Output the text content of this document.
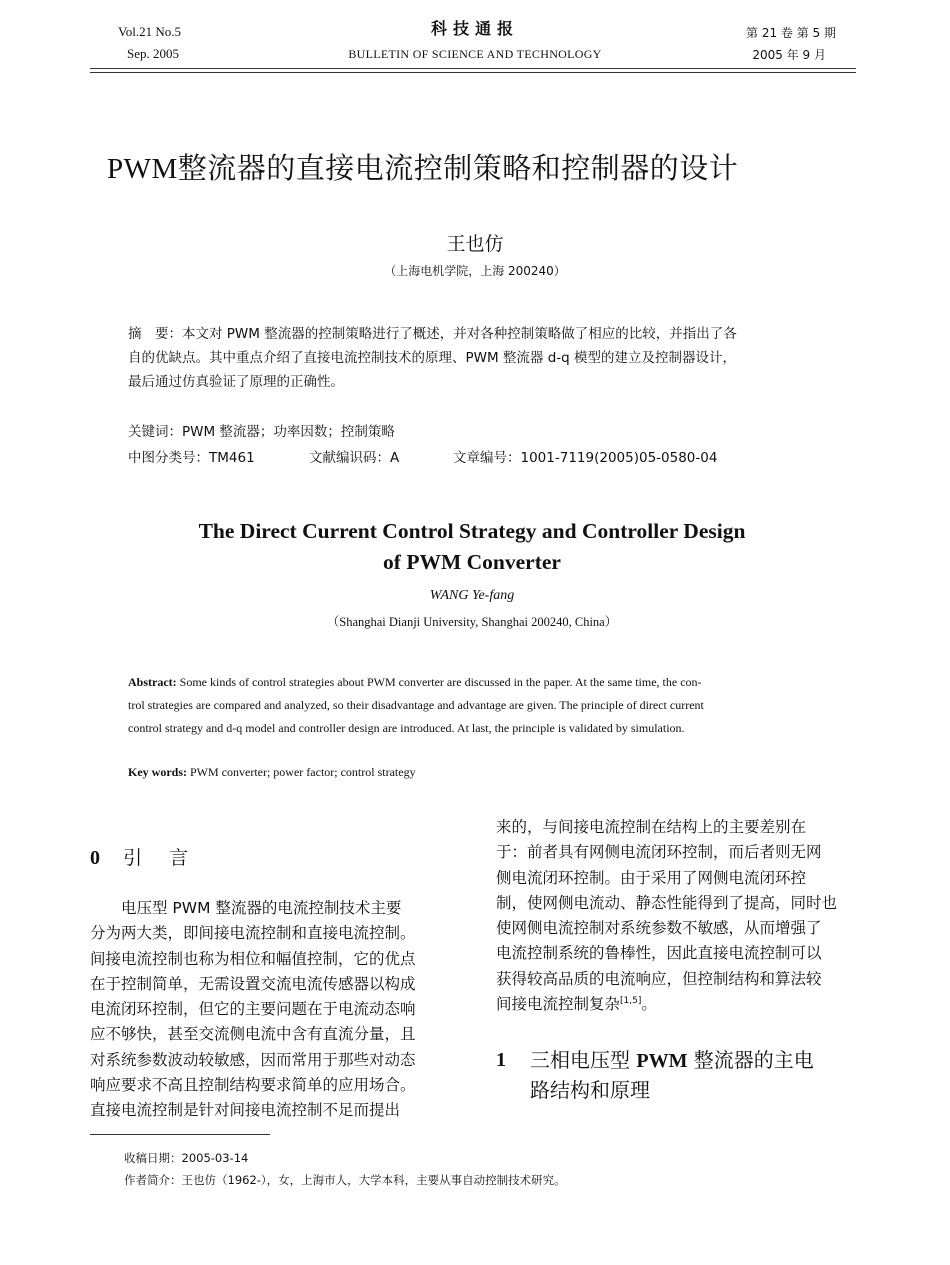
Vol.21 No.5
Sep. 2005
科技通报
BULLETIN OF SCIENCE AND TECHNOLOGY
第 21 卷 第 5 期
2005 年 9 月
PWM整流器的直接电流控制策略和控制器的设计
王也仿
（上海电机学院，上海 200240）
摘　要：本文对 PWM 整流器的控制策略进行了概述，并对各种控制策略做了相应的比较，并指出了各
自的优缺点。其中重点介绍了直接电流控制技术的原理、PWM 整流器 d-q 模型的建立及控制器设计，
最后通过仿真验证了原理的正确性。
关键词：PWM 整流器；功率因数；控制策略
中图分类号：TM461	文献编识码：A	文章编号：1001-7119(2005)05-0580-04
The Direct Current Control Strategy and Controller Design
of PWM Converter
WANG Ye-fang
（Shanghai Dianji University, Shanghai 200240, China）
Abstract: Some kinds of control strategies about PWM converter are discussed in the paper. At the same time, the con-
trol strategies are compared and analyzed, so their disadvantage and advantage are given. The principle of direct current
control strategy and d-q model and controller design are introduced. At last, the principle is validated by simulation.
Key words: PWM converter; power factor; control strategy
0 引　言
　　电压型 PWM 整流器的电流控制技术主要
分为两大类，即间接电流控制和直接电流控制。
间接电流控制也称为相位和幅值控制，它的优点
在于控制简单，无需设置交流电流传感器以构成
电流闭环控制，但它的主要问题在于电流动态响
应不够快，甚至交流侧电流中含有直流分量，且
对系统参数波动较敏感，因而常用于那些对动态
响应要求不高且控制结构要求简单的应用场合。
直接电流控制是针对间接电流控制不足而提出
来的，与间接电流控制在结构上的主要差别在
于：前者具有网侧电流闭环控制，而后者则无网
侧电流闭环控制。由于采用了网侧电流闭环控
制，使网侧电流动、静态性能得到了提高，同时也
使网侧电流控制对系统参数不敏感，从而增强了
电流控制系统的鲁棒性，因此直接电流控制可以
获得较高品质的电流响应，但控制结构和算法较
间接电流控制复杂[1,5]。
1	三相电压型 PWM 整流器的主电
路结构和原理
收稿日期：2005-03-14
作者简介：王也仿（1962-），女，上海市人，大学本科，主要从事自动控制技术研究。
